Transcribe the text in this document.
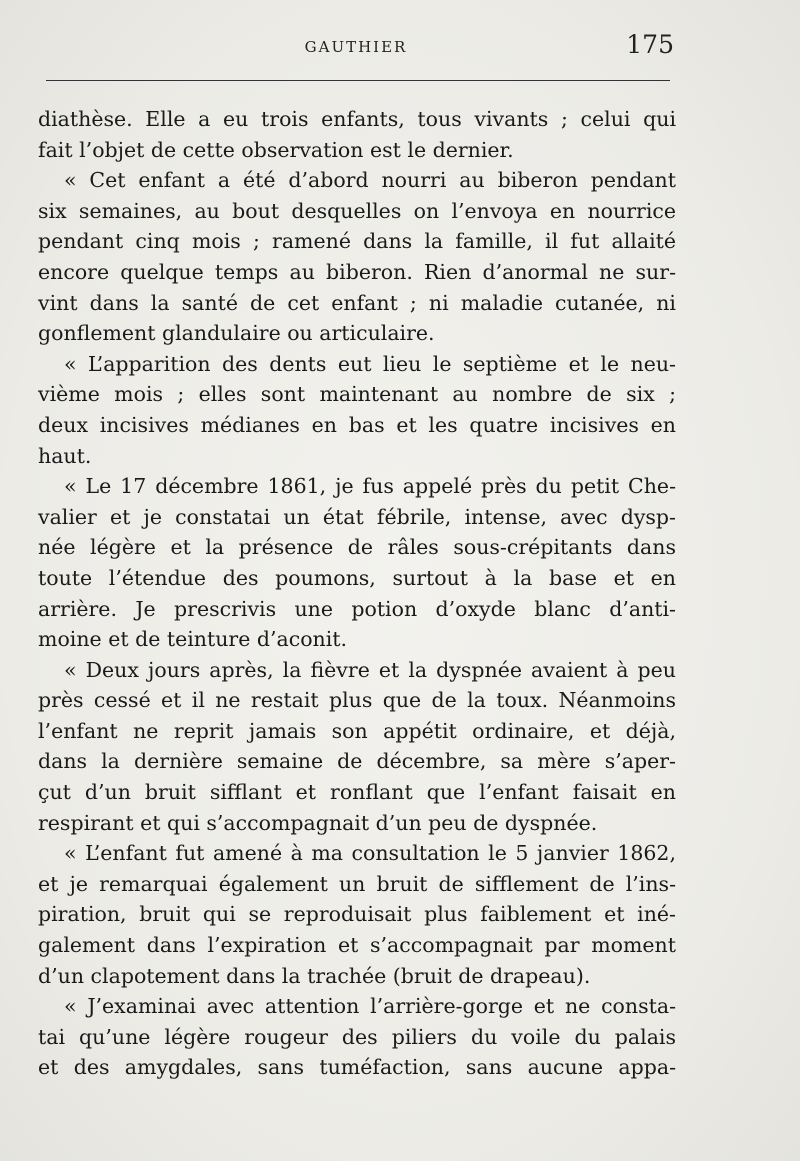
GAUTHIER	175
diathèse. Elle a eu trois enfants, tous vivants ; celui qui
fait l’objet de cette observation est le dernier.
« Cet enfant a été d’abord nourri au biberon pendant
six semaines, au bout desquelles on l’envoya en nourrice
pendant cinq mois ; ramené dans la famille, il fut allaité
encore quelque temps au biberon. Rien d’anormal ne sur-
vint dans la santé de cet enfant ; ni maladie cutanée, ni
gonflement glandulaire ou articulaire.
« L’apparition des dents eut lieu le septième et le neu-
vième mois ; elles sont maintenant au nombre de six ;
deux incisives médianes en bas et les quatre incisives en
haut.
« Le 17 décembre 1861, je fus appelé près du petit Che-
valier et je constatai un état fébrile, intense, avec dysp-
née légère et la présence de râles sous-crépitants dans
toute l’étendue des poumons, surtout à la base et en
arrière. Je prescrivis une potion d’oxyde blanc d’anti-
moine et de teinture d’aconit.
« Deux jours après, la fièvre et la dyspnée avaient à peu
près cessé et il ne restait plus que de la toux. Néanmoins
l’enfant ne reprit jamais son appétit ordinaire, et déjà,
dans la dernière semaine de décembre, sa mère s’aper-
çut d’un bruit sifflant et ronflant que l’enfant faisait en
respirant et qui s’accompagnait d’un peu de dyspnée.
« L’enfant fut amené à ma consultation le 5 janvier 1862,
et je remarquai également un bruit de sifflement de l’ins-
piration, bruit qui se reproduisait plus faiblement et iné-
galement dans l’expiration et s’accompagnait par moment
d’un clapotement dans la trachée (bruit de drapeau).
« J’examinai avec attention l’arrière-gorge et ne consta-
tai qu’une légère rougeur des piliers du voile du palais
et des amygdales, sans tuméfaction, sans aucune appa-
